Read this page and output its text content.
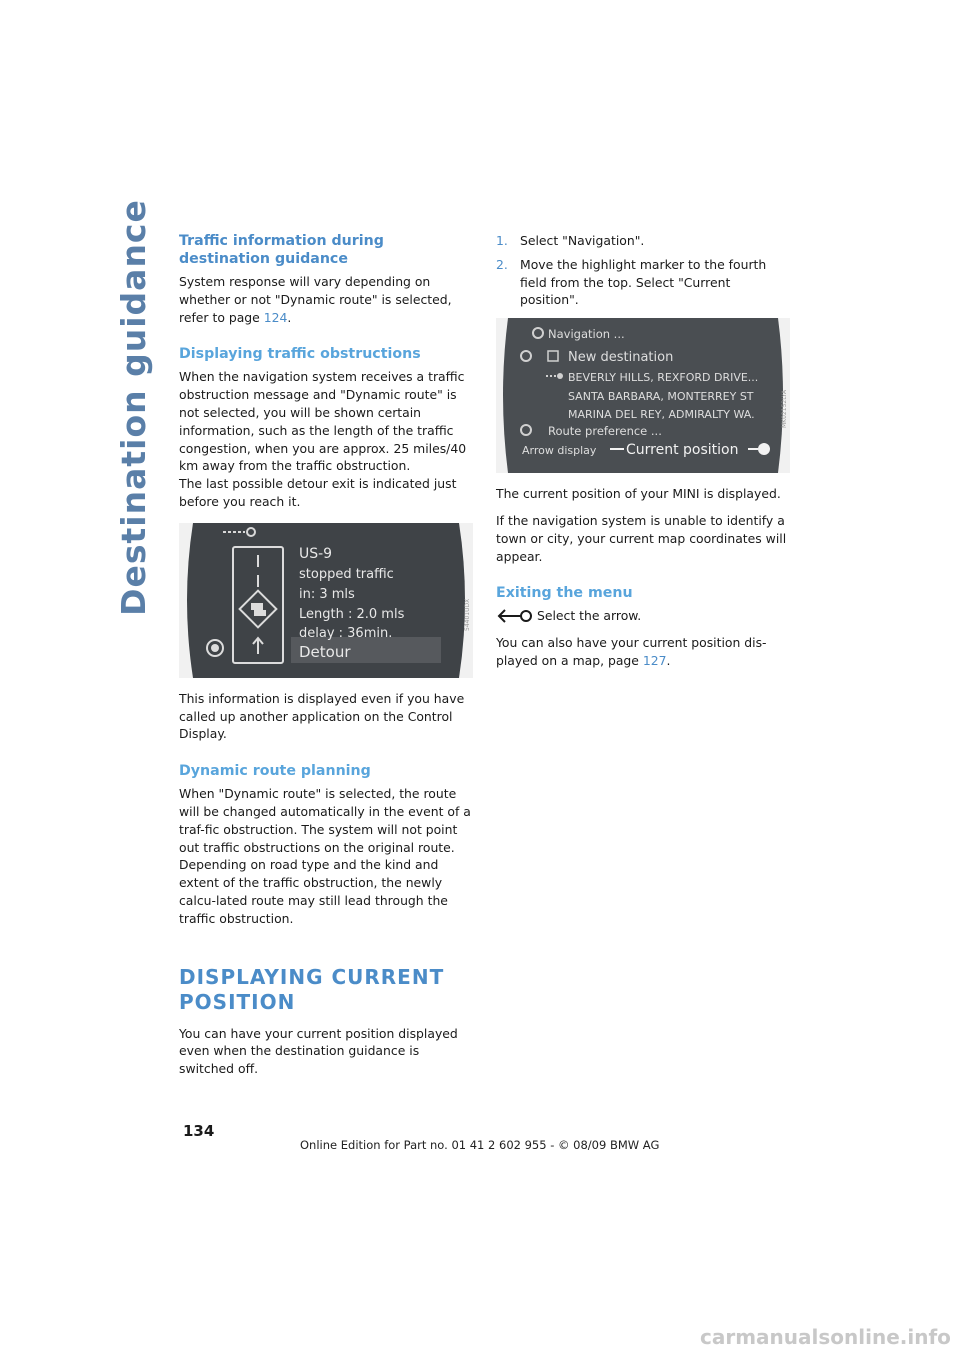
Destination guidance Traffic information during destination guidance

System response will vary depending on whether or not "Dynamic route" is selected, refer to page 124.

Displaying traffic obstructions

When the navigation system receives a traffic obstruction message and "Dynamic route" is not selected, you will be shown certain information, such as the length of the traffic congestion, when you are approx. 25 miles/40 km away from the traffic obstruction.

The last possible detour exit is indicated just before you reach it.

US-9
stopped traffic
in: 3 mls
Length : 2.0 mls
delay : 36min.
Detour
54401UDX

This information is displayed even if you have called up another application on the Control Display.

Dynamic route planning

When "Dynamic route" is selected, the route will be changed automatically in the event of a traf-fic obstruction. The system will not point out traffic obstructions on the original route. Depending on road type and the kind and extent of the traffic obstruction, the newly calcu-lated route may still lead through the traffic obstruction.

DISPLAYING CURRENT POSITION

You can have your current position displayed even when the destination guidance is switched off.

1. Select "Navigation".
2. Move the highlight marker to the fourth field from the top. Select "Current position".
Navigation ...
New destination
BEVERLY HILLS, REXFORD DRIVE...
SANTA BARBARA, MONTERREY ST
MARINA DEL REY, ADMIRALTY WA.
Route preference ...
Arrow display Current position
MK02152LYA

The current position of your MINI is displayed.

If the navigation system is unable to identify a town or city, your current map coordinates will appear.

Exiting the menu

Select the arrow.

You can also have your current position dis-played on a map, page 127.

134
Online Edition for Part no. 01 41 2 602 955 - © 08/09 BMW AG
carmanualsonline.info
